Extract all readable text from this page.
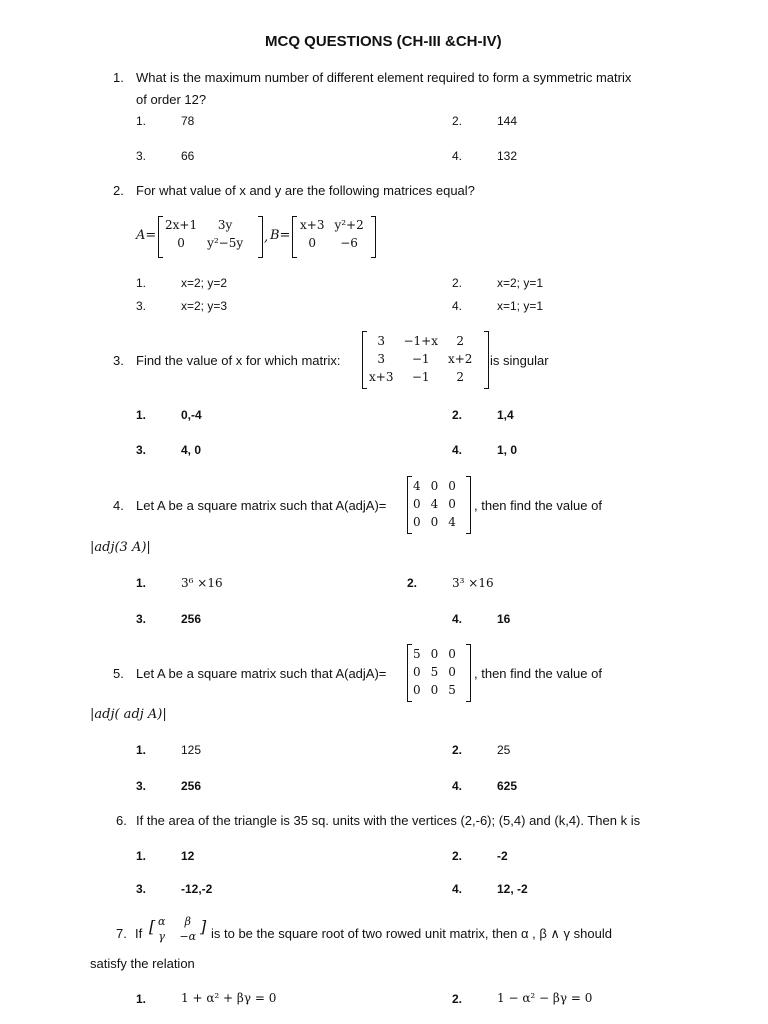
MCQ QUESTIONS (CH-III &CH-IV)
1. What is the maximum number of different element required to form a symmetric matrix
of order 12?
1.	78	2.	144
3.	66	4.	132
2. For what value of x and y are the following matrices equal?
A=
2x+1	3y
0	y²−5y , B=
x+3	y²+2
0	−6
1.	x=2; y=2	2.	x=2; y=1
3.	x=2; y=3	4.	x=1; y=1
3. Find the value of x for which matrix:
3	−1+x	2
3	−1	x+2
x+3	−1	2
is singular
1.	0,-4	2.	1,4
3.	4, 0	4.	1, 0
4. Let A be a square matrix such that A(adjA)=
4	0	0
0	4	0
0	0	4
, then find the value of
|adj(3 A)|
1.	3⁶ ×16	2.	3³ ×16
3.	256	4.	16
5. Let A be a square matrix such that A(adjA)=
5	0	0
0	5	0
0	0	5
, then find the value of
|adj( adj A)|
1.	125	2.	25
3.	256	4.	625
6. If the area of the triangle is 35 sq. units with the vertices (2,-6); (5,4) and (k,4). Then k is
1.	12	2.	-2
3.	-12,-2	4.	12, -2
7. If [ α	β
γ	−α
] is to be the square root of two rowed unit matrix, then α , β ∧ γ should
satisfy the relation
1.	1 + α² + βγ = 0	2.	1 − α² − βγ = 0
